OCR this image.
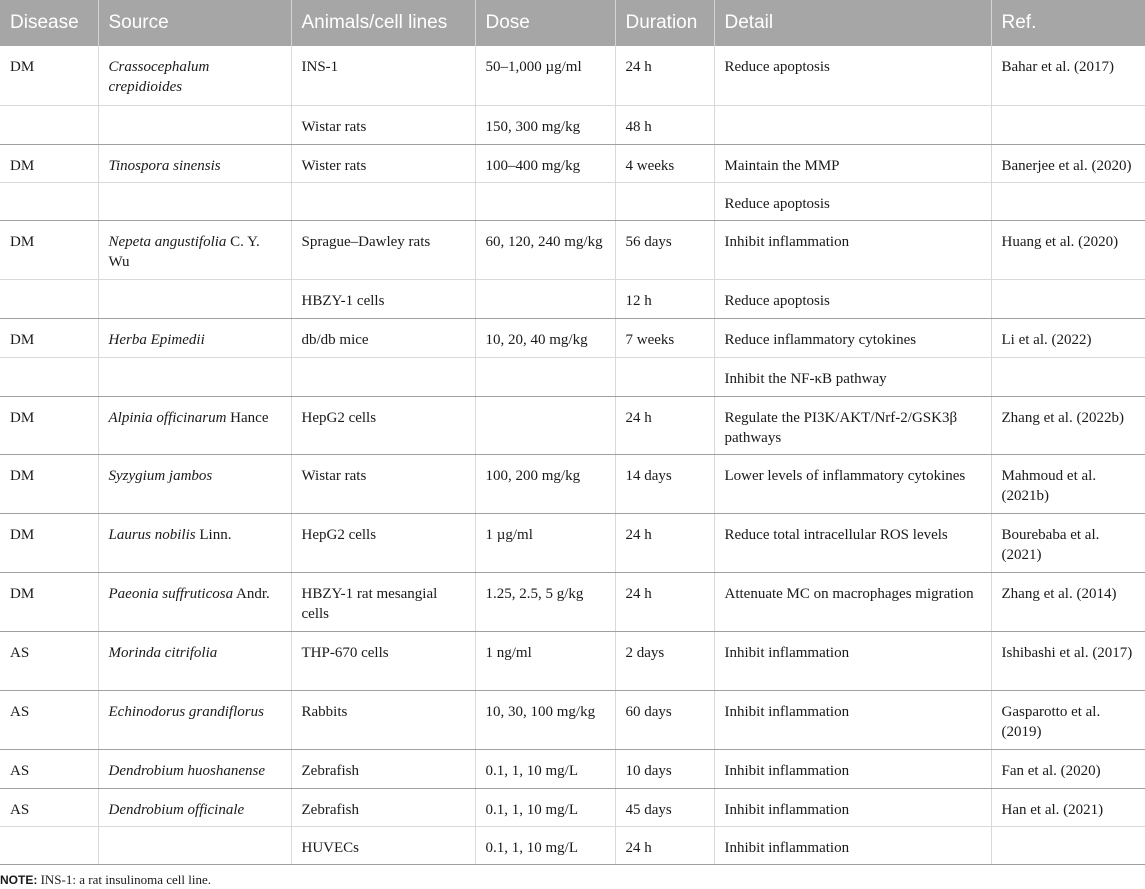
Disease	Source	Animals/cell lines	Dose	Duration	Detail	Ref.
DM	Crassocephalum crepidioides	INS-1	50–1,000 µg/ml	24 h	Reduce apoptosis	Bahar et al. (2017)
		Wistar rats	150, 300 mg/kg	48 h		
DM	Tinospora sinensis	Wister rats	100–400 mg/kg	4 weeks	Maintain the MMP	Banerjee et al. (2020)
					Reduce apoptosis	
DM	Nepeta angustifolia C. Y. Wu	Sprague–Dawley rats	60, 120, 240 mg/kg	56 days	Inhibit inflammation	Huang et al. (2020)
		HBZY-1 cells		12 h	Reduce apoptosis	
DM	Herba Epimedii	db/db mice	10, 20, 40 mg/kg	7 weeks	Reduce inflammatory cytokines	Li et al. (2022)
					Inhibit the NF-κB pathway	
DM	Alpinia officinarum Hance	HepG2 cells		24 h	Regulate the PI3K/AKT/Nrf-2/GSK3β pathways	Zhang et al. (2022b)
DM	Syzygium jambos	Wistar rats	100, 200 mg/kg	14 days	Lower levels of inflammatory cytokines	Mahmoud et al. (2021b)
DM	Laurus nobilis Linn.	HepG2 cells	1 µg/ml	24 h	Reduce total intracellular ROS levels	Bourebaba et al. (2021)
DM	Paeonia suffruticosa Andr.	HBZY-1 rat mesangial cells	1.25, 2.5, 5 g/kg	24 h	Attenuate MC on macrophages migration	Zhang et al. (2014)
AS	Morinda citrifolia	THP-670 cells	1 ng/ml	2 days	Inhibit inflammation	Ishibashi et al. (2017)
AS	Echinodorus grandiflorus	Rabbits	10, 30, 100 mg/kg	60 days	Inhibit inflammation	Gasparotto et al. (2019)
AS	Dendrobium huoshanense	Zebrafish	0.1, 1, 10 mg/L	10 days	Inhibit inflammation	Fan et al. (2020)
AS	Dendrobium officinale	Zebrafish	0.1, 1, 10 mg/L	45 days	Inhibit inflammation	Han et al. (2021)
		HUVECs	0.1, 1, 10 mg/L	24 h	Inhibit inflammation	
NOTE: INS-1: a rat insulinoma cell line.
